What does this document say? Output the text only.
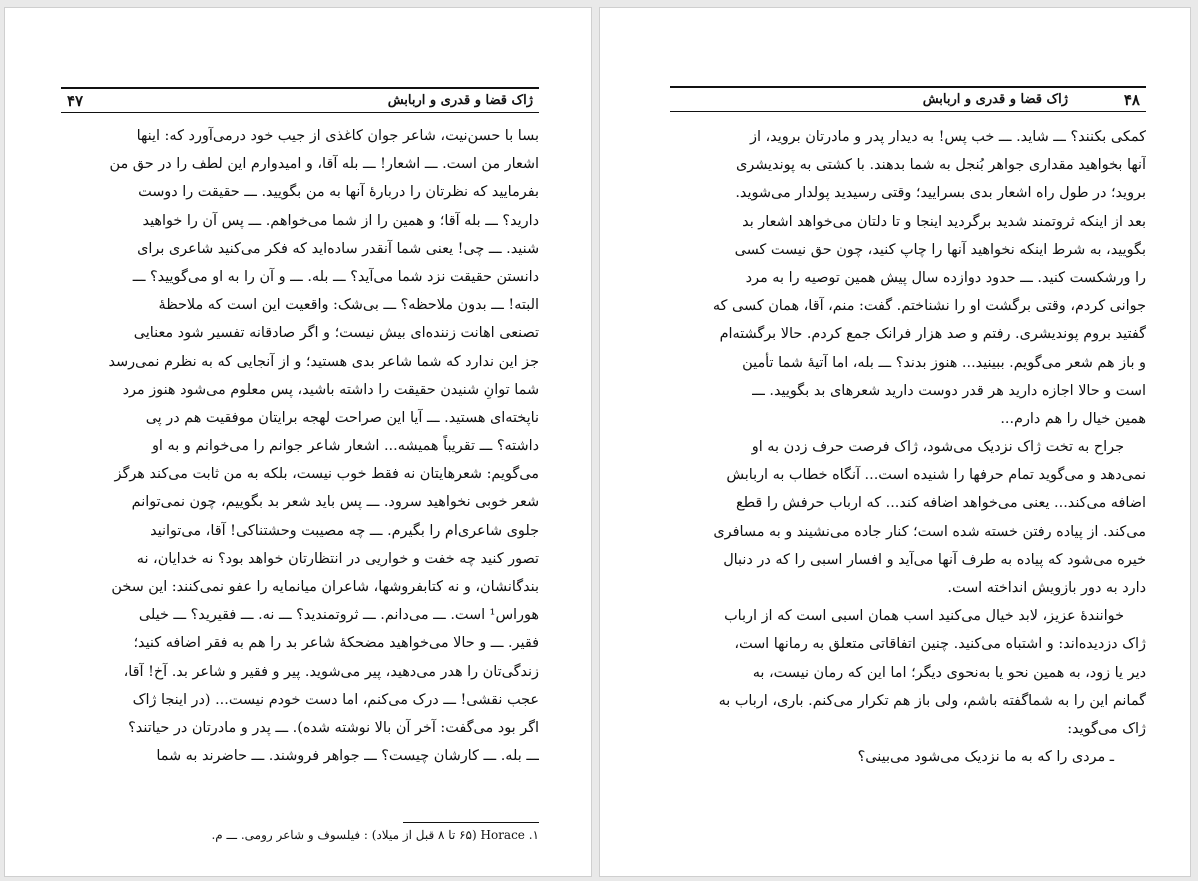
ژاک قضا و قدری و اربابش
۴۷
بسا با حسن‌نیت، شاعر جوان کاغذی از جیب خود درمی‌آورد که: اینها
اشعار من است. ـــ اشعار! ـــ بله آقا، و امیدوارم این لطف را در حق من
بفرمایید که نظرتان را دربارهٔ آنها به من بگویید. ـــ حقیقت را دوست
دارید؟ ـــ بله آقا؛ و همین را از شما می‌خواهم. ـــ پس آن را خواهید
شنید. ـــ چی! یعنی شما آنقدر ساده‌اید که فکر می‌کنید شاعری برای
دانستن حقیقت نزد شما می‌آید؟ ـــ بله. ـــ و آن را به او می‌گویید؟ ـــ
البته! ـــ بدون ملاحظه؟ ـــ بی‌شک: واقعیت این است که ملاحظهٔ
تصنعی اهانت زننده‌ای بیش نیست؛ و اگر صادقانه تفسیر شود معنایی
جز این ندارد که شما شاعر بدی هستید؛ و از آنجایی که به نظرم نمی‌رسد
شما توانِ شنیدن حقیقت را داشته باشید، پس معلوم می‌شود هنوز مرد
ناپخته‌ای هستید. ـــ آیا این صراحت لهجه برایتان موفقیت هم در پی
داشته؟ ـــ تقریباً همیشه... اشعار شاعر جوانم را می‌خوانم و به او
می‌گویم: شعرهایتان نه فقط خوب نیست، بلکه به من ثابت می‌کند هرگز
شعر خوبی نخواهید سرود. ـــ پس باید شعر بد بگوییم، چون نمی‌توانم
جلوی شاعری‌ام را بگیرم. ـــ چه مصیبت وحشتناکی! آقا، می‌توانید
تصور کنید چه خفت و خواریی در انتظارتان خواهد بود؟ نه خدایان، نه
بندگانشان، و نه کتابفروشها، شاعران میانمایه را عفو نمی‌کنند: این سخن
هوراس¹ است. ـــ می‌دانم. ـــ ثروتمندید؟ ـــ نه. ـــ فقیرید؟ ـــ خیلی
فقیر. ـــ و حالا می‌خواهید مضحکهٔ شاعر بد را هم به فقر اضافه کنید؛
زندگی‌تان را هدر می‌دهید، پیر می‌شوید. پیر و فقیر و شاعر بد. آخ! آقا،
عجب نقشی! ـــ درک می‌کنم، اما دست خودم نیست... (در اینجا ژاک
اگر بود می‌گفت: آخر آن بالا نوشته شده). ـــ پدر و مادرتان در حیاتند؟
ـــ بله. ـــ کارشان چیست؟ ـــ جواهر فروشند. ـــ حاضرند به شما
١. Horace (۶۵ تا ۸ قبل از میلاد) : فیلسوف و شاعر رومی. ـــ م.
۴۸
ژاک قضا و قدری و اربابش
کمکی بکنند؟ ـــ شاید. ـــ خب پس! به دیدار پدر و مادرتان بروید، از
آنها بخواهید مقداری جواهر بُنجل به شما بدهند. با کشتی به پوندیشری
بروید؛ در طول راه اشعار بدی بسرایید؛ وقتی رسیدید پولدار می‌شوید.
بعد از اینکه ثروتمند شدید برگردید اینجا و تا دلتان می‌خواهد اشعار بد
بگویید، به شرط اینکه نخواهید آنها را چاپ کنید، چون حق نیست کسی
را ورشکست کنید. ـــ حدود دوازده سال پیش همین توصیه را به مرد
جوانی کردم، وقتی برگشت او را نشناختم. گفت: منم، آقا، همان کسی که
گفتید بروم پوندیشری. رفتم و صد هزار فرانک جمع کردم. حالا برگشته‌ام
و باز هم شعر می‌گویم. ببینید... هنوز بدند؟ ـــ بله، اما آتیهٔ شما تأمین
است و حالا اجازه دارید هر قدر دوست دارید شعرهای بد بگویید. ـــ
همین خیال را هم دارم...
جراح به تخت ژاک نزدیک می‌شود، ژاک فرصت حرف زدن به او
نمی‌دهد و می‌گوید تمام حرفها را شنیده است... آنگاه خطاب به اربابش
اضافه می‌کند... یعنی می‌خواهد اضافه کند... که ارباب حرفش را قطع
می‌کند. از پیاده رفتن خسته شده است؛ کنار جاده می‌نشیند و به مسافری
خیره می‌شود که پیاده به طرف آنها می‌آید و افسار اسبی را که در دنبال
دارد به دور بازویش انداخته است.
خوانندهٔ عزیز، لابد خیال می‌کنید اسب همان اسبی است که از ارباب
ژاک دزدیده‌اند: و اشتباه می‌کنید. چنین اتفاقاتی متعلق به رمانها است،
دیر یا زود، به همین نحو یا به‌نحوی دیگر؛ اما این که رمان نیست، به
گمانم این را به شماگفته باشم، ولی باز هم تکرار می‌کنم. باری، ارباب به
ژاک می‌گوید:
ـ مردی را که به ما نزدیک می‌شود می‌بینی؟
